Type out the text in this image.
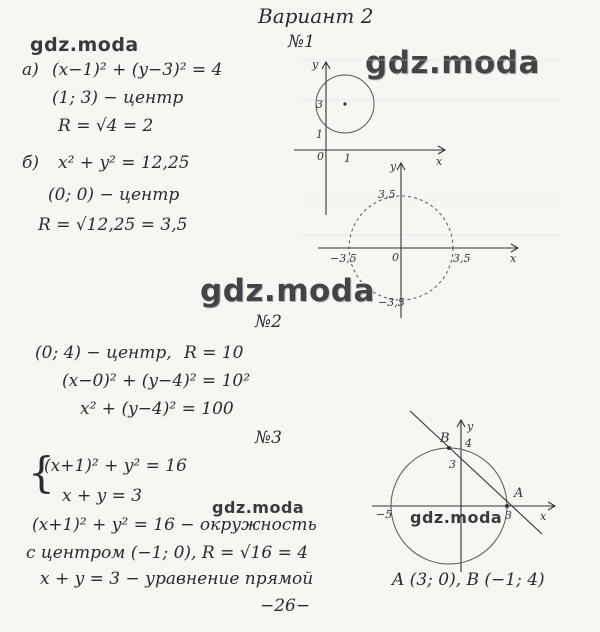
Вариант 2
gdz.moda	gdz.moda
gdz.moda
gdz.moda
gdz.moda
№1
а) (x−1)² + (y−3)² = 4
(1; 3) − центр
R = √4 = 2
б) x² + y² = 12,25
(0; 0) − центр
R = √12,25 = 3,5
№2
(0; 4) − центр, R = 10
(x−0)² + (y−4)² = 10²
x² + (y−4)² = 100
№3
{
(x+1)² + y² = 16
x + y = 3
(x+1)² + y² = 16 − окружность
с центром (−1; 0), R = √16 = 4
x + y = 3 − уравнение прямой	A (3; 0), B (−1; 4)
−26−
x
y
0 1
1
3
x
y
0
−3,5	3,5
3,5
−3,5
y
B 4
3
A
3
−5	x
